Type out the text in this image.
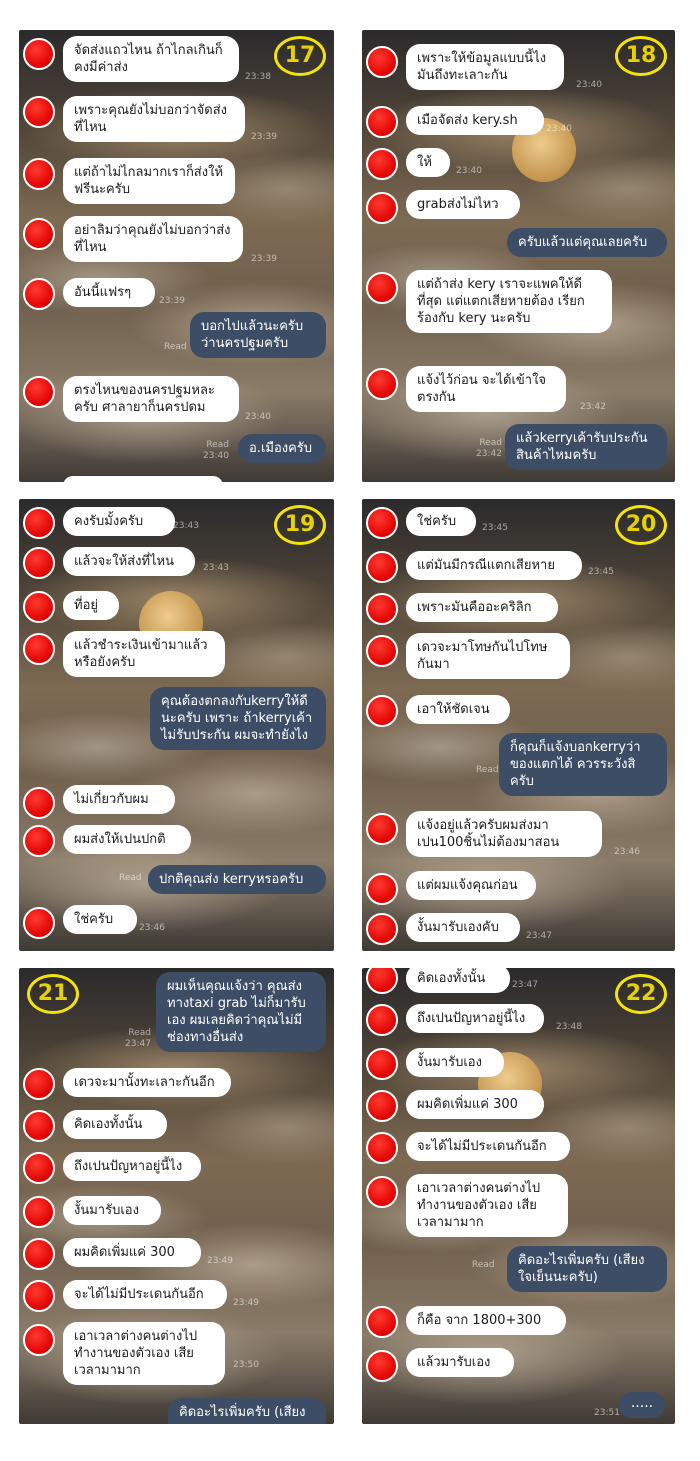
17
จัดส่งแถวไหน ถ้าไกลเกินก็คงมีค่าส่ง
23:38
เพราะคุณยังไม่บอกว่าจัดส่งที่ไหน
23:39
แต่ถ้าไม่ไกลมากเราก็ส่งให้ฟรีนะครับ
อย่าลิมว่าคุณยังไม่บอกว่าส่งที่ไหน
23:39
อันนี้แฟรๆ
23:39
บอกไปแล้วนะครับ ว่านครปฐมครับ
Read
ตรงไหนของนครปฐมหละครับ ศาลายาก็นครปดม
23:40
อ.เมืองครับ
Read
23:40
18
เพราะให้ข้อมูลแบบนี้ไง มันถึงทะเลาะกัน
23:40
เมือจัดส่ง kery.sh
23:40
ให้
23:40
grabส่งไม่ไหว
ครับแล้วแต่คุณเลยครับ
แต่ถ้าส่ง kery เราจะแพคให้ดีที่สุด แต่แตกเสียหายต้อง เรียกร้องกับ kery นะครับ
แจ้งไว้ก่อน จะได้เข้าใจตรงกัน
23:42
แล้วkerryเค้ารับประกันสินค้าไหมครับ
Read
23:42
19
คงรับมั้งครับ	23:43
แล้วจะให้ส่งที่ไหน	23:43
ที่อยู่
แล้วชำระเงินเข้ามาแล้วหรือยังครับ
คุณต้องตกลงกับkerryให้ดีนะครับ เพราะ ถ้าkerryเค้าไม่รับประกัน ผมจะทำยังไง
ไม่เกี่ยวกับผม
ผมส่งให้เปนปกติ
ปกติคุณส่ง kerryหรอครับ
Read
ใช่ครับ
23:46
20
ใช่ครับ	23:45
แต่มันมีกรณีแตกเสียหาย	23:45
เพราะมันคืออะคริลิก
เดวจะมาโทษกันไปโทษกันมา
เอาให้ชัดเจน
ก็คุณก็แจ้งบอกkerryว่าของแตกได้ ควรระวังสิครับ
Read
แจ้งอยู่แล้วครับผมส่งมาเปน100ชิ้นไม่ต้องมาสอน
23:46
แต่ผมแจ้งคุณก่อน
งั้นมารับเองคับ
23:47
21	ผมเห็นคุณแจ้งว่า คุณส่งทางtaxi grab ไม่ก็มารับเอง ผมเลยคิดว่าคุณไม่มีช่องทางอื่นส่ง
Read
23:47
เดวจะมานั้งทะเลาะกันอีก
คิดเองทั้งนั้น
ถึงเปนปัญหาอยู่นี้ไง
งั้นมารับเอง
ผมคิดเพิ่มแค่ 300
23:49
จะได้ไม่มีประเดนกันอีก
23:49
เอาเวลาต่างคนต่างไปทำงานของตัวเอง เสียเวลามามาก	23:50
คิดอะไรเพิ่มครับ (เสียง
22
คิดเองทั้งนั้น	23:47
ถึงเปนปัญหาอยู่นี้ไง
23:48
งั้นมารับเอง
ผมคิดเพิ่มแค่ 300
จะได้ไม่มีประเดนกันอีก
เอาเวลาต่างคนต่างไปทำงานของตัวเอง เสียเวลามามาก
คิดอะไรเพิ่มครับ (เสียงใจเย็นนะครับ)
Read
ก็คือ จาก 1800+300
แล้วมารับเอง
23:51
.....
